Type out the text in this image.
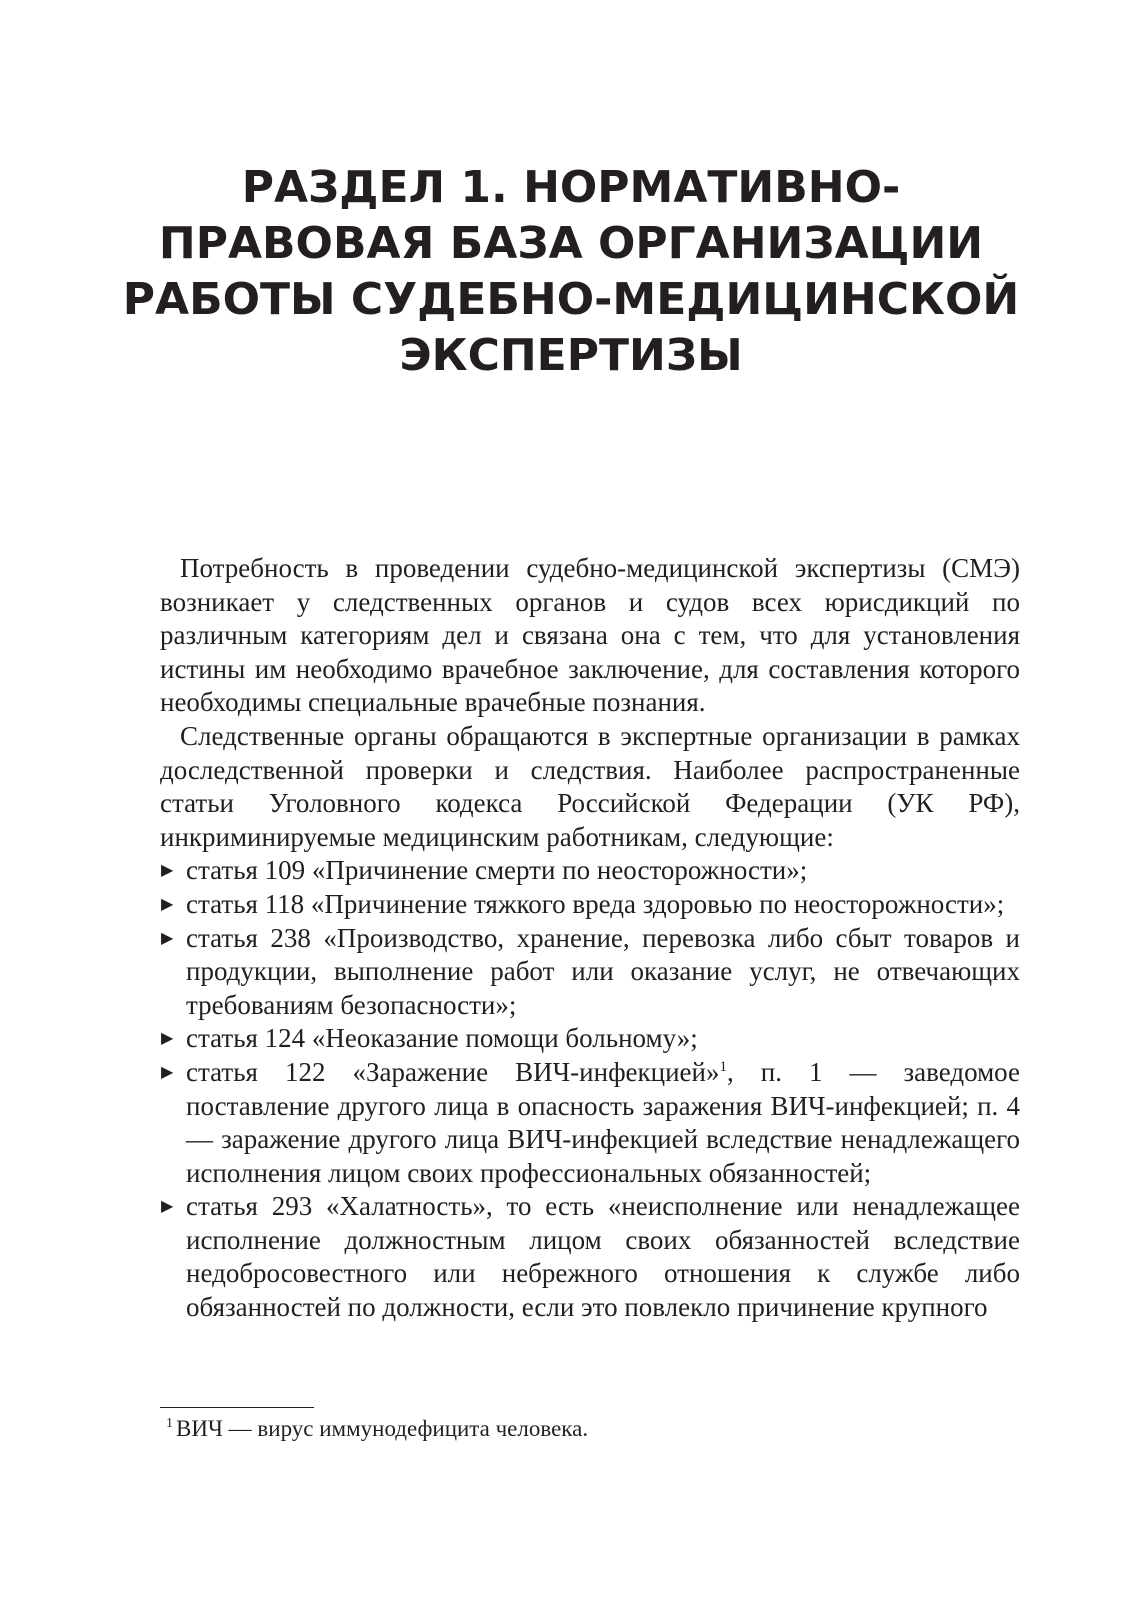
РАЗДЕЛ 1. НОРМАТИВНО-
ПРАВОВАЯ БАЗА ОРГАНИЗАЦИИ
РАБОТЫ СУДЕБНО-МЕДИЦИНСКОЙ
ЭКСПЕРТИЗЫ

Потребность в проведении судебно-медицинской экспертизы (СМЭ) возникает у следственных органов и судов всех юрисдикций по различным категориям дел и связана она с тем, что для установления истины им необходимо врачебное заключение, для составления которого необходимы специальные врачебные познания.

Следственные органы обращаются в экспертные организации в рамках доследственной проверки и следствия. Наиболее распространенные статьи Уголовного кодекса Российской Федерации (УК РФ), инкриминируемые медицинским работникам, следующие:

▶ статья 109 «Причинение смерти по неосторожности»;
▶ статья 118 «Причинение тяжкого вреда здоровью по неосторожности»;
▶ статья 238 «Производство, хранение, перевозка либо сбыт товаров и продукции, выполнение работ или оказание услуг, не отвечающих требованиям безопасности»;
▶ статья 124 «Неоказание помощи больному»;
▶ статья 122 «Заражение ВИЧ-инфекцией»$^1$, п. 1 — заведомое поставление другого лица в опасность заражения ВИЧ-инфекцией; п. 4 — заражение другого лица ВИЧ-инфекцией вследствие ненадлежащего исполнения лицом своих профессиональных обязанностей;
▶ статья 293 «Халатность», то есть «неисполнение или ненадлежащее исполнение должностным лицом своих обязанностей вследствие недобросовестного или небрежного отношения к службе либо обязанностей по должности, если это повлекло причинение крупного
$^1$ ВИЧ — вирус иммунодефицита человека.
